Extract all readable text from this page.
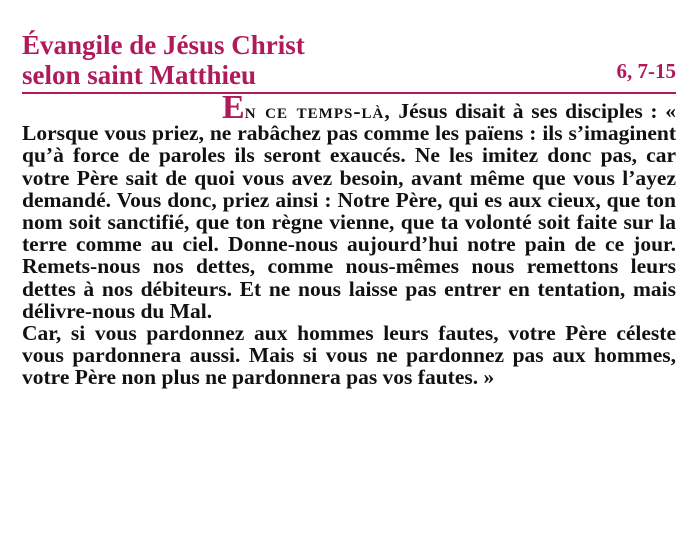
Évangile de Jésus Christ
selon saint Matthieu	6, 7-15

En ce temps-là, Jésus disait à ses disciples : « Lorsque vous priez, ne rabâchez pas comme les païens : ils s’imaginent qu’à force de paroles ils seront exaucés. Ne les imitez donc pas, car votre Père sait de quoi vous avez besoin, avant même que vous l’ayez demandé. Vous donc, priez ainsi : Notre Père, qui es aux cieux, que ton nom soit sanctifié, que ton règne vienne, que ta volonté soit faite sur la terre comme au ciel. Donne-nous aujourd’hui notre pain de ce jour. Remets-nous nos dettes, comme nous-mêmes nous remettons leurs dettes à nos débiteurs. Et ne nous laisse pas entrer en tentation, mais délivre-nous du Mal.

Car, si vous pardonnez aux hommes leurs fautes, votre Père céleste vous pardonnera aussi. Mais si vous ne pardonnez pas aux hommes, votre Père non plus ne pardonnera pas vos fautes. »
